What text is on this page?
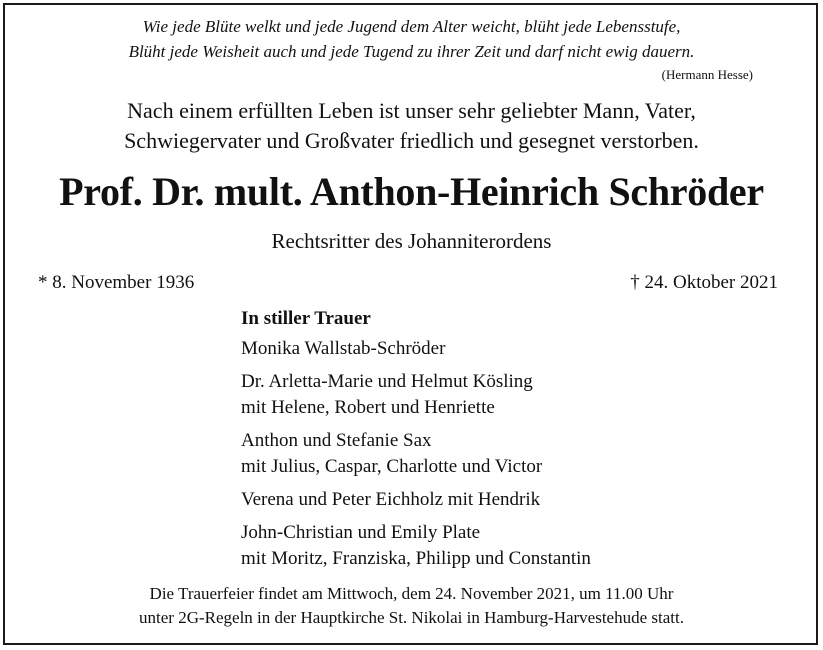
Wie jede Blüte welkt und jede Jugend dem Alter weicht, blüht jede Lebensstufe,
Blüht jede Weisheit auch und jede Tugend zu ihrer Zeit und darf nicht ewig dauern.
(Hermann Hesse)
Nach einem erfüllten Leben ist unser sehr geliebter Mann, Vater,
Schwiegervater und Großvater friedlich und gesegnet verstorben.
Prof. Dr. mult. Anthon-Heinrich Schröder
Rechtsritter des Johanniterordens
* 8. November 1936	† 24. Oktober 2021
In stiller Trauer
Monika Wallstab-Schröder
Dr. Arletta-Marie und Helmut Kösling
mit Helene, Robert und Henriette
Anthon und Stefanie Sax
mit Julius, Caspar, Charlotte und Victor
Verena und Peter Eichholz mit Hendrik
John-Christian und Emily Plate
mit Moritz, Franziska, Philipp und Constantin
Die Trauerfeier findet am Mittwoch, dem 24. November 2021, um 11.00 Uhr
unter 2G-Regeln in der Hauptkirche St. Nikolai in Hamburg-Harvestehude statt.
